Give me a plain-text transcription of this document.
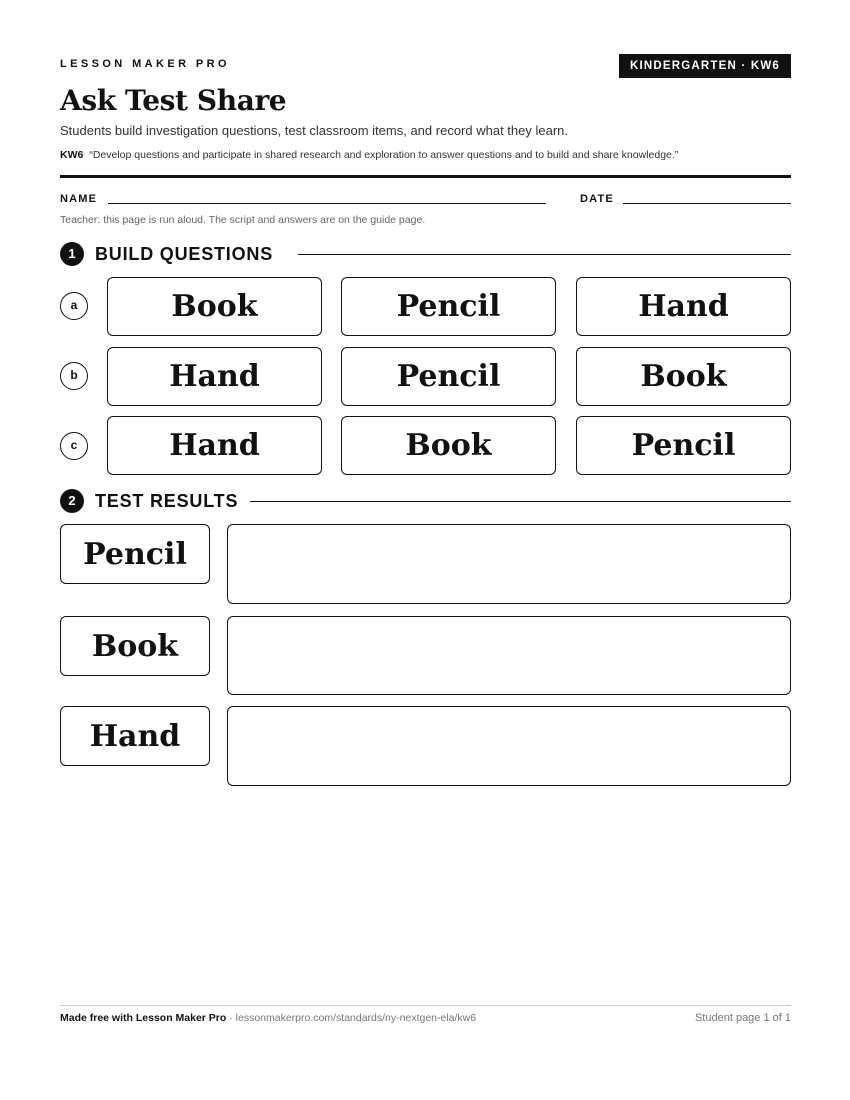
LESSON MAKER PRO	KINDERGARTEN · KW6
Ask Test Share
Students build investigation questions, test classroom items, and record what they learn.
KW6 “Develop questions and participate in shared research and exploration to answer questions and to build and share knowledge.”
NAME	DATE
Teacher: this page is run aloud. The script and answers are on the guide page.
1	BUILD QUESTIONS
a	Book	Pencil	Hand
b	Hand	Pencil	Book
c	Hand	Book	Pencil
2	TEST RESULTS
Pencil
Book
Hand
Made free with Lesson Maker Pro · lessonmakerpro.com/standards/ny-nextgen-ela/kw6	Student page 1 of 1
